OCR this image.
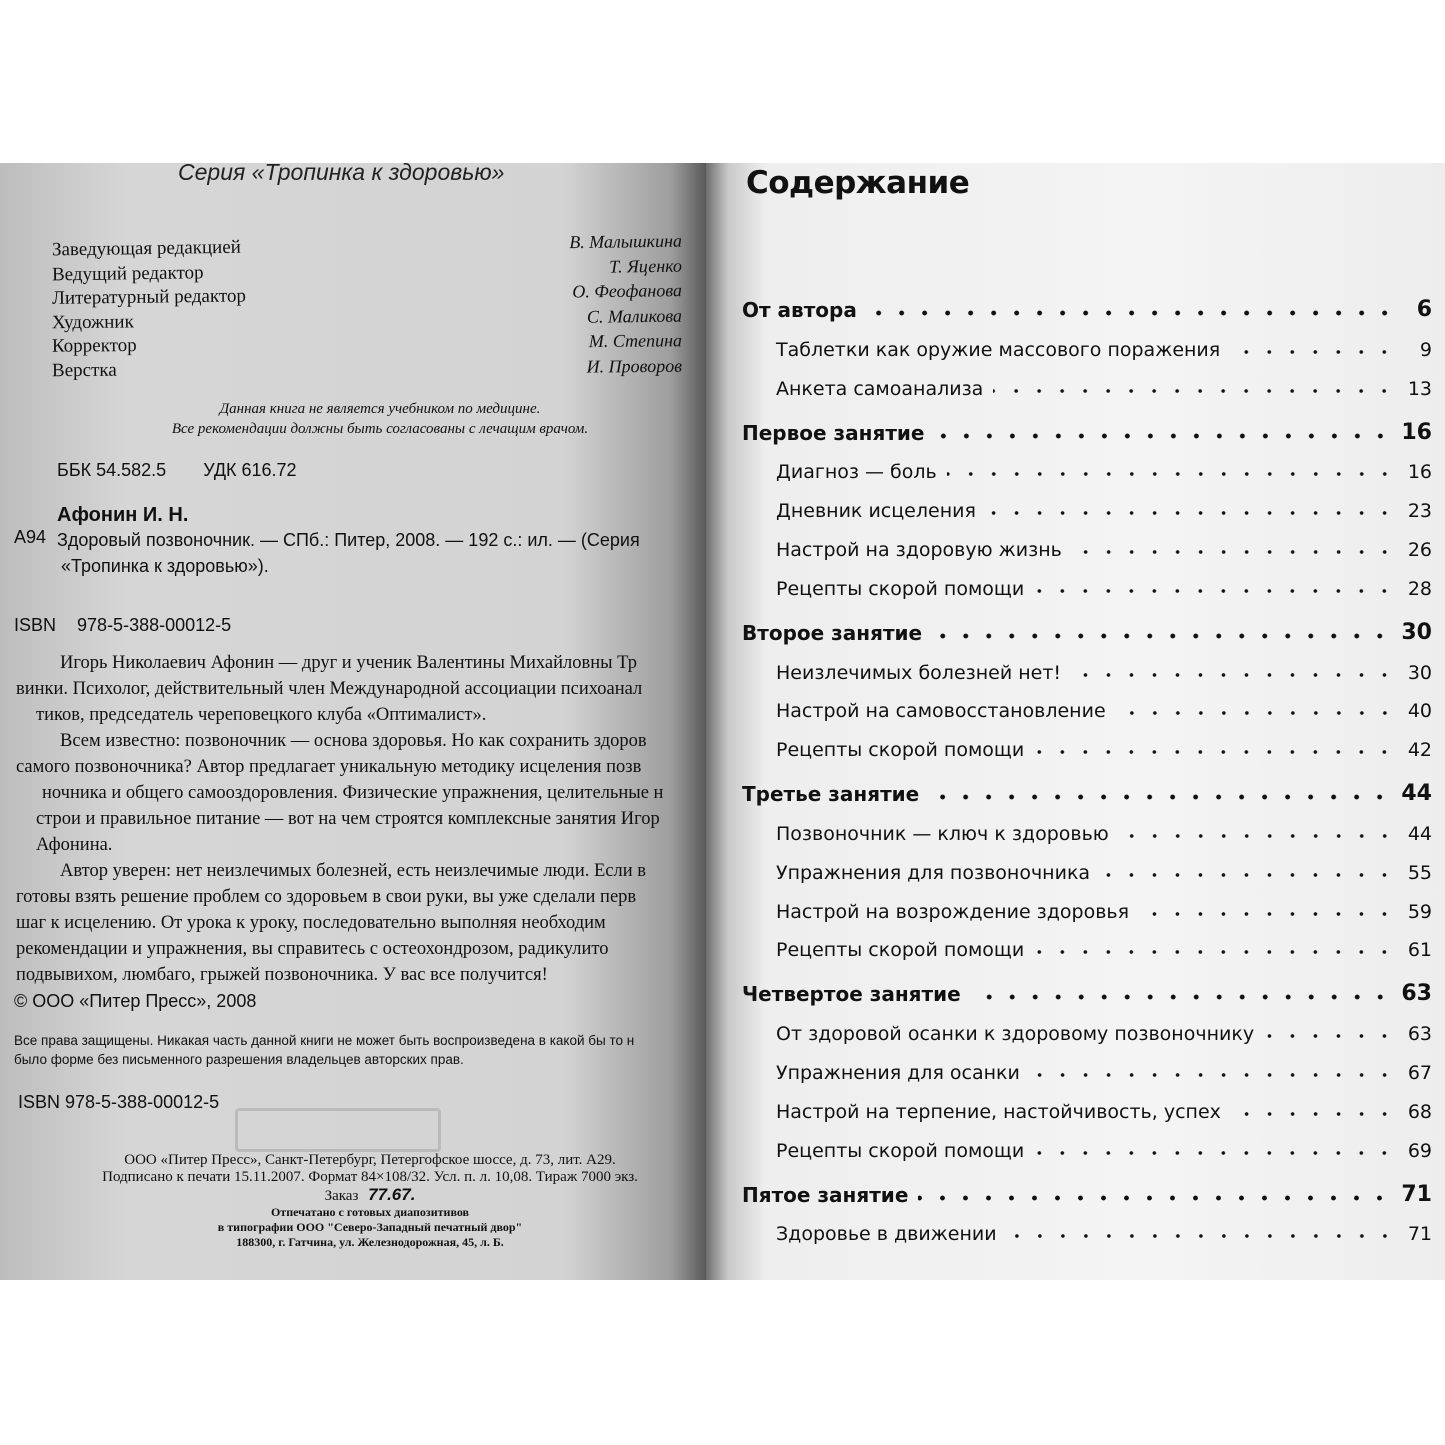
Серия «Тропинка к здоровью»
Заведующая редакцией	В. Малышкина
Ведущий редактор	Т. Яценко
Литературный редактор	О. Феофанова
Художник	С. Маликова
Корректор	М. Степина
Верстка	И. Проворов
Данная книга не является учебником по медицине.
Все рекомендации должны быть согласованы с лечащим врачом.
ББК 54.582.5 УДК 616.72
Афонин И. Н.
Здоровый позвоночник. — СПб.: Питер, 2008. — 192 с.: ил. — (Серия
«Тропинка к здоровью»).
А94
ISBN 978-5-388-00012-5

Игорь Николаевич Афонин — друг и ученик Валентины Михайловны Тр

винки. Психолог, действительный член Международной ассоциации психоанал

тиков, председатель череповецкого клуба «Оптималист».

Всем известно: позвоночник — основа здоровья. Но как сохранить здоров

самого позвоночника? Автор предлагает уникальную методику исцеления позв

ночника и общего самооздоровления. Физические упражнения, целительные н

строи и правильное питание — вот на чем строятся комплексные занятия Игор

Афонина.

Автор уверен: нет неизлечимых болезней, есть неизлечимые люди. Если в

готовы взять решение проблем со здоровьем в свои руки, вы уже сделали перв

шаг к исцелению. От урока к уроку, последовательно выполняя необходим

рекомендации и упражнения, вы справитесь с остеохондрозом, радикулито

подвывихом, люмбаго, грыжей позвоночника. У вас все получится!

© ООО «Питер Пресс», 2008
Все права защищены. Никакая часть данной книги не может быть воспроизведена в какой бы то н
было форме без письменного разрешения владельцев авторских прав.
ISBN 978-5-388-00012-5
ООО «Питер Пресс», Санкт-Петербург, Петергофское шоссе, д. 73, лит. А29.
Подписано к печати 15.11.2007. Формат 84×108/32. Усл. п. л. 10,08. Тираж 7000 экз.
Заказ 77.67.
Отпечатано с готовых диапозитивов
в типографии ООО "Северо-Западный печатный двор"
188300, г. Гатчина, ул. Железнодорожная, 45, л. Б.
Содержание
От автора	6
Таблетки как оружие массового поражения	9
Анкета самоанализа	13
Первое занятие	16
Диагноз — боль	16
Дневник исцеления	23
Настрой на здоровую жизнь	26
Рецепты скорой помощи	28
Второе занятие	30
Неизлечимых болезней нет!	30
Настрой на самовосстановление	40
Рецепты скорой помощи	42
Третье занятие	44
Позвоночник — ключ к здоровью	44
Упражнения для позвоночника	55
Настрой на возрождение здоровья	59
Рецепты скорой помощи	61
Четвертое занятие	63
От здоровой осанки к здоровому позвоночнику	63
Упражнения для осанки	67
Настрой на терпение, настойчивость, успех	68
Рецепты скорой помощи	69
Пятое занятие	71
Здоровье в движении	71
